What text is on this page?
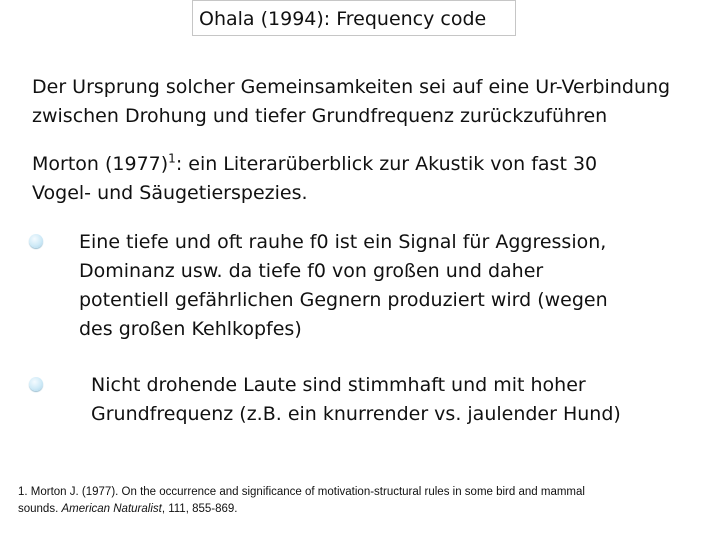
Ohala (1994): Frequency code
Der Ursprung solcher Gemeinsamkeiten sei auf eine Ur-Verbindung
zwischen Drohung und tiefer Grundfrequenz zurückzuführen
Morton $(1977)^1$: ein Literarüberblick zur Akustik von fast 30
Vogel- und Säugetierspezies.
Eine tiefe und oft rauhe f0 ist ein Signal für Aggression,
Dominanz usw. da tiefe f0 von großen und daher
potentiell gefährlichen Gegnern produziert wird (wegen
des großen Kehlkopfes)
Nicht drohende Laute sind stimmhaft und mit hoher
Grundfrequenz (z.B. ein knurrender vs. jaulender Hund)
1. Morton J. (1977). On the occurrence and significance of motivation-structural rules in some bird and mammal
sounds. American Naturalist, 111, 855-869.
